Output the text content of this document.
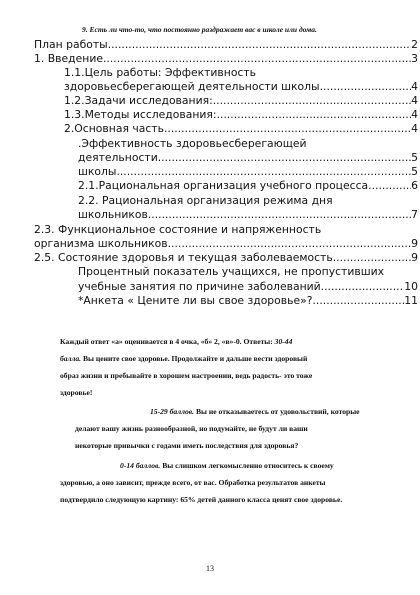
9. Есть ли что-то, что постоянно раздражает вас в школе или дома.
План работы .....	2
1. Введение .....	3
1.1.Цель работы: Эффективность
здоровьесберегающей деятельности школы .....	4
1.2.Задачи исследования: .....	4
1.3.Методы исследования: .....	4
2.Основная часть .....	4
.Эффективность здоровьесберегающей
деятельности .....	5
школы .....	5
2.1.Рациональная организация учебного процесса .....	6
2.2. Рациональная организация режима дня
школьников .....	7
2.3. Функциональное состояние и напряженность
организма школьников .....	9
2.5. Состояние здоровья и текущая заболеваемость .....	9
Процентный показатель учащихся, не пропустивших
учебные занятия по причине заболеваний .....	10
*Анкета « Цените ли вы свое здоровье»? .....	11
Каждый ответ «а» оценивается в 4 очка, «б» 2, «в»-0. Ответы: 30-44
балла. Вы цените свое здоровье. Продолжайте и дальше вести здоровый
образ жизни и пребывайте в хорошем настроении, ведь радость- это тоже
здоровье!
15-29 баллов. Вы не отказываетесь от удовольствий, которые
делают вашу жизнь разнообразной, но подумайте, не будут ли ваши
некоторые привычки с годами иметь последствия для здоровья?
0-14 баллов. Вы слишком легкомысленно относитесь к своему
здоровью, а оно зависит, прежде всего, от вас. Обработка результатов анкеты
подтвердило следующую картину: 65% детей данного класса ценят свое здоровье.
13
